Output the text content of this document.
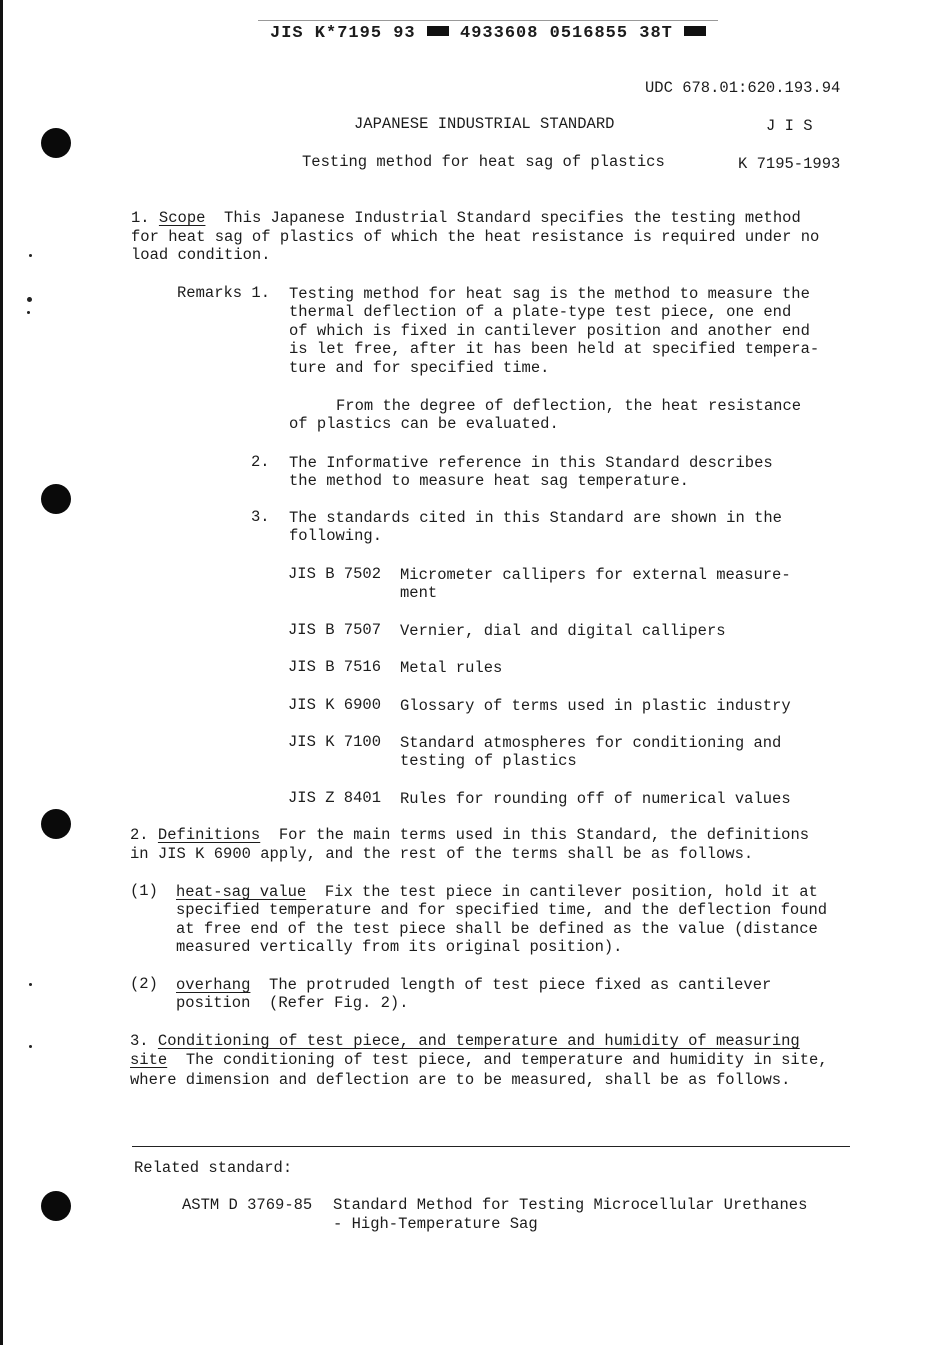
JIS K*7195 93	4933608 0516855 38T
UDC 678.01:620.193.94
JAPANESE INDUSTRIAL STANDARD	J I S
Testing method for heat sag of plastics	K 7195-1993
1. Scope This Japanese Industrial Standard specifies the testing method
for heat sag of plastics of which the heat resistance is required under no
load condition.
Remarks 1. Testing method for heat sag is the method to measure the
thermal deflection of a plate-type test piece, one end
of which is fixed in cantilever position and another end
is let free, after it has been held at specified tempera-
ture and for specified time.
From the degree of deflection, the heat resistance
of plastics can be evaluated.
2. The Informative reference in this Standard describes
the method to measure heat sag temperature.
3. The standards cited in this Standard are shown in the
following.
JIS B 7502 Micrometer callipers for external measure-
ment
JIS B 7507 Vernier, dial and digital callipers
JIS B 7516 Metal rules
JIS K 6900 Glossary of terms used in plastic industry
JIS K 7100 Standard atmospheres for conditioning and
testing of plastics
JIS Z 8401 Rules for rounding off of numerical values
2. Definitions For the main terms used in this Standard, the definitions
in JIS K 6900 apply, and the rest of the terms shall be as follows.
(1) heat-sag value Fix the test piece in cantilever position, hold it at
specified temperature and for specified time, and the deflection found
at free end of the test piece shall be defined as the value (distance
measured vertically from its original position).
(2) overhang The protruded length of test piece fixed as cantilever
position  (Refer Fig. 2).
3. Conditioning of test piece, and temperature and humidity of measuring
site The conditioning of test piece, and temperature and humidity in site,
where dimension and deflection are to be measured, shall be as follows.
Related standard:
ASTM D 3769-85 Standard Method for Testing Microcellular Urethanes
- High-Temperature Sag
